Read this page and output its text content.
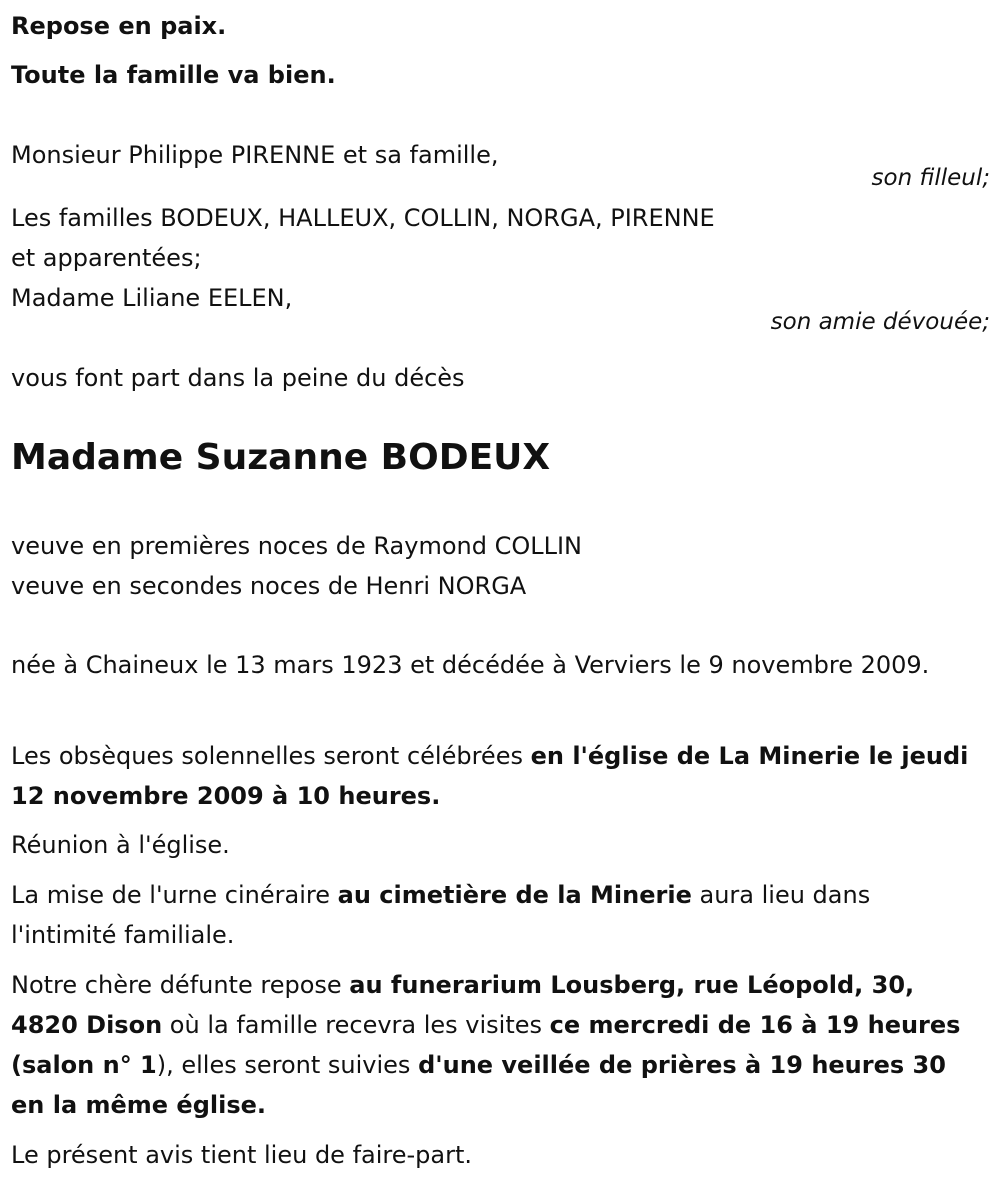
Repose en paix.

Toute la famille va bien.

Monsieur Philippe PIRENNE et sa famille,

son filleul;

Les familles BODEUX, HALLEUX, COLLIN, NORGA, PIRENNE

et apparentées;

Madame Liliane EELEN,

son amie dévouée;

vous font part dans la peine du décès

Madame Suzanne BODEUX

veuve en premières noces de Raymond COLLIN

veuve en secondes noces de Henri NORGA

née à Chaineux le 13 mars 1923 et décédée à Verviers le 9 novembre 2009.

Les obsèques solennelles seront célébrées en l'église de La Minerie le jeudi 12 novembre 2009 à 10 heures.

Réunion à l'église.

La mise de l'urne cinéraire au cimetière de la Minerie aura lieu dans l'intimité familiale.

Notre chère défunte repose au funerarium Lousberg, rue Léopold, 30, 4820 Dison où la famille recevra les visites ce mercredi de 16 à 19 heures (salon n° 1), elles seront suivies d'une veillée de prières à 19 heures 30 en la même église.

Le présent avis tient lieu de faire-part.
